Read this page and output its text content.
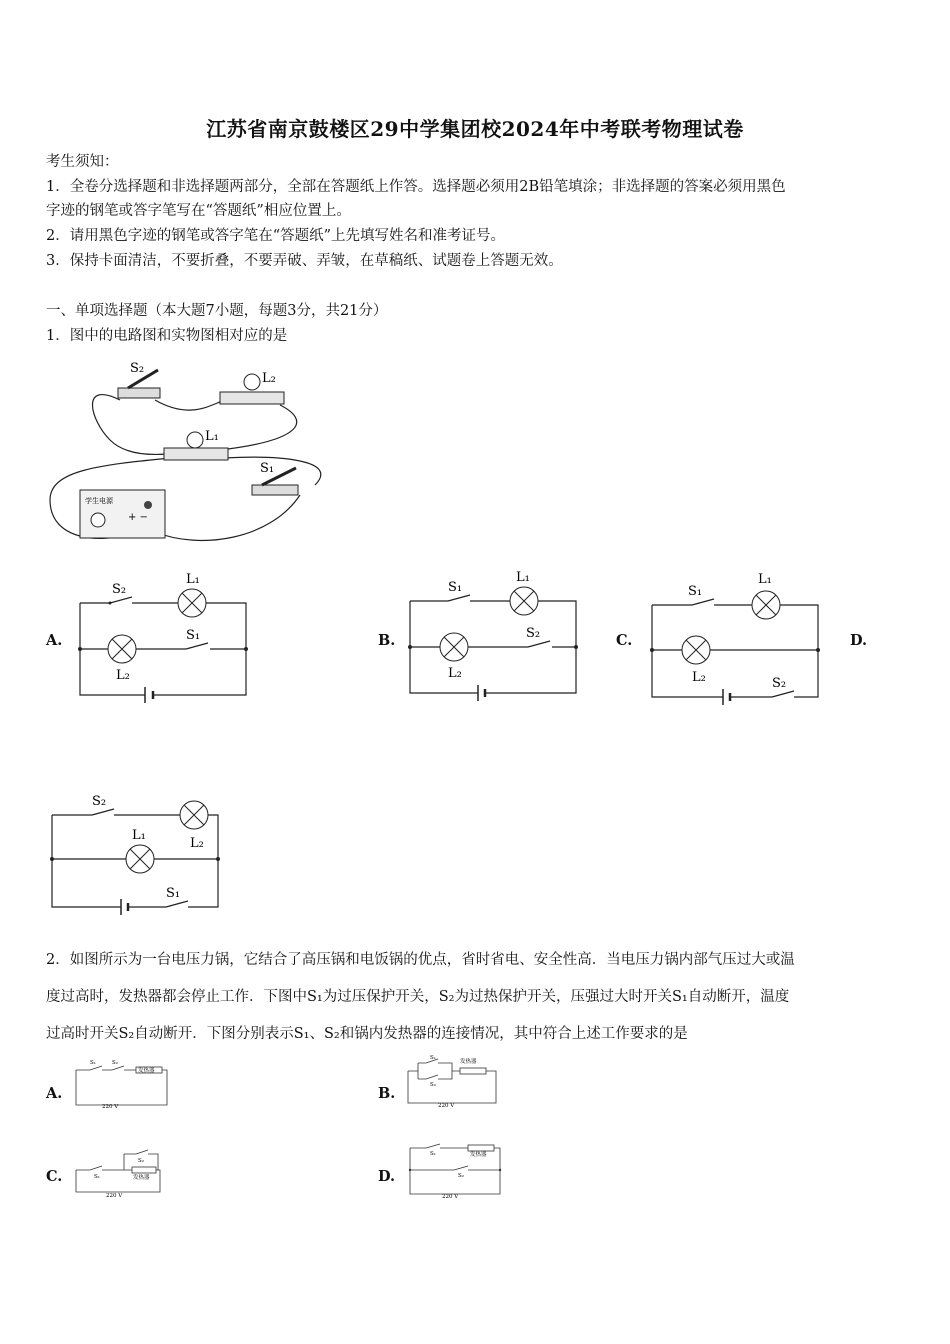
江苏省南京鼓楼区29中学集团校2024年中考联考物理试卷
考生须知：
1．全卷分选择题和非选择题两部分，全部在答题纸上作答。选择题必须用2B铅笔填涂；非选择题的答案必须用黑色
字迹的钢笔或答字笔写在“答题纸”相应位置上。
2．请用黑色字迹的钢笔或答字笔在“答题纸”上先填写姓名和准考证号。
3．保持卡面清洁，不要折叠，不要弄破、弄皱，在草稿纸、试题卷上答题无效。
一、单项选择题（本大题7小题，每题3分，共21分）
1．图中的电路图和实物图相对应的是
S₂
L₂
L₁
S₁
学生电源
+ −
A.	B.	C.	D.
S₂
L₁
S₁
L₂
S₁
L₁
S₂
L₂
S₁
L₁
L₂	S₂
S₂
L₁
L₂
S₁
2．如图所示为一台电压力锅，它结合了高压锅和电饭锅的优点，省时省电、安全性高．当电压力锅内部气压过大或温
度过高时，发热器都会停止工作．下图中S₁为过压保护开关，S₂为过热保护开关，压强过大时开关S₁自动断开，温度
过高时开关S₂自动断开．下图分别表示S₁、S₂和锅内发热器的连接情况，其中符合上述工作要求的是
A.	B.
C.	D.
S₁	S₂
发热器
220 V
S₁
S₂
发热器
220 V
S₁
S₂
发热器
220 V
S₁
S₂
发热器
220 V
